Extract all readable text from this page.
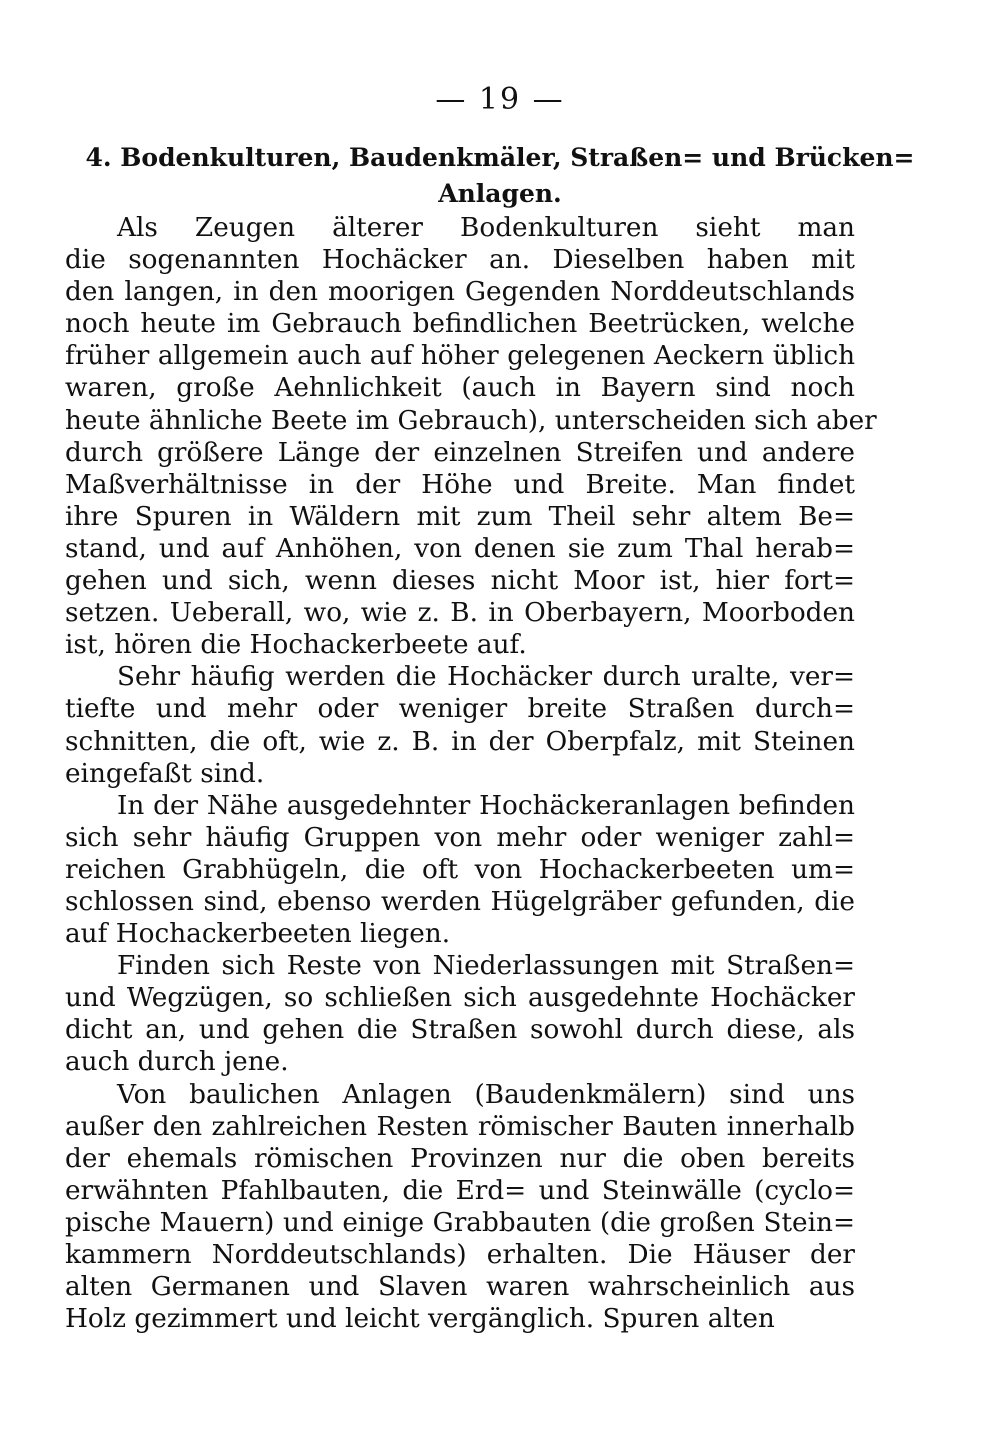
— 19 —
4. Bodenkulturen, Baudenkmäler, Straßen= und Brücken=
Anlagen.
Als Zeugen älterer Bodenkulturen sieht man
die sogenannten Hochäcker an. Dieselben haben mit
den langen, in den moorigen Gegenden Norddeutschlands
noch heute im Gebrauch befindlichen Beetrücken, welche
früher allgemein auch auf höher gelegenen Aeckern üblich
waren, große Aehnlichkeit (auch in Bayern sind noch
heute ähnliche Beete im Gebrauch), unterscheiden sich aber
durch größere Länge der einzelnen Streifen und andere
Maßverhältnisse in der Höhe und Breite. Man findet
ihre Spuren in Wäldern mit zum Theil sehr altem Be=
stand, und auf Anhöhen, von denen sie zum Thal herab=
gehen und sich, wenn dieses nicht Moor ist, hier fort=
setzen. Ueberall, wo, wie z. B. in Oberbayern, Moorboden
ist, hören die Hochackerbeete auf.
Sehr häufig werden die Hochäcker durch uralte, ver=
tiefte und mehr oder weniger breite Straßen durch=
schnitten, die oft, wie z. B. in der Oberpfalz, mit Steinen
eingefaßt sind.
In der Nähe ausgedehnter Hochäckeranlagen befinden
sich sehr häufig Gruppen von mehr oder weniger zahl=
reichen Grabhügeln, die oft von Hochackerbeeten um=
schlossen sind, ebenso werden Hügelgräber gefunden, die
auf Hochackerbeeten liegen.
Finden sich Reste von Niederlassungen mit Straßen=
und Wegzügen, so schließen sich ausgedehnte Hochäcker
dicht an, und gehen die Straßen sowohl durch diese, als
auch durch jene.
Von baulichen Anlagen (Baudenkmälern) sind uns
außer den zahlreichen Resten römischer Bauten innerhalb
der ehemals römischen Provinzen nur die oben bereits
erwähnten Pfahlbauten, die Erd= und Steinwälle (cyclo=
pische Mauern) und einige Grabbauten (die großen Stein=
kammern Norddeutschlands) erhalten. Die Häuser der
alten Germanen und Slaven waren wahrscheinlich aus
Holz gezimmert und leicht vergänglich. Spuren alten
